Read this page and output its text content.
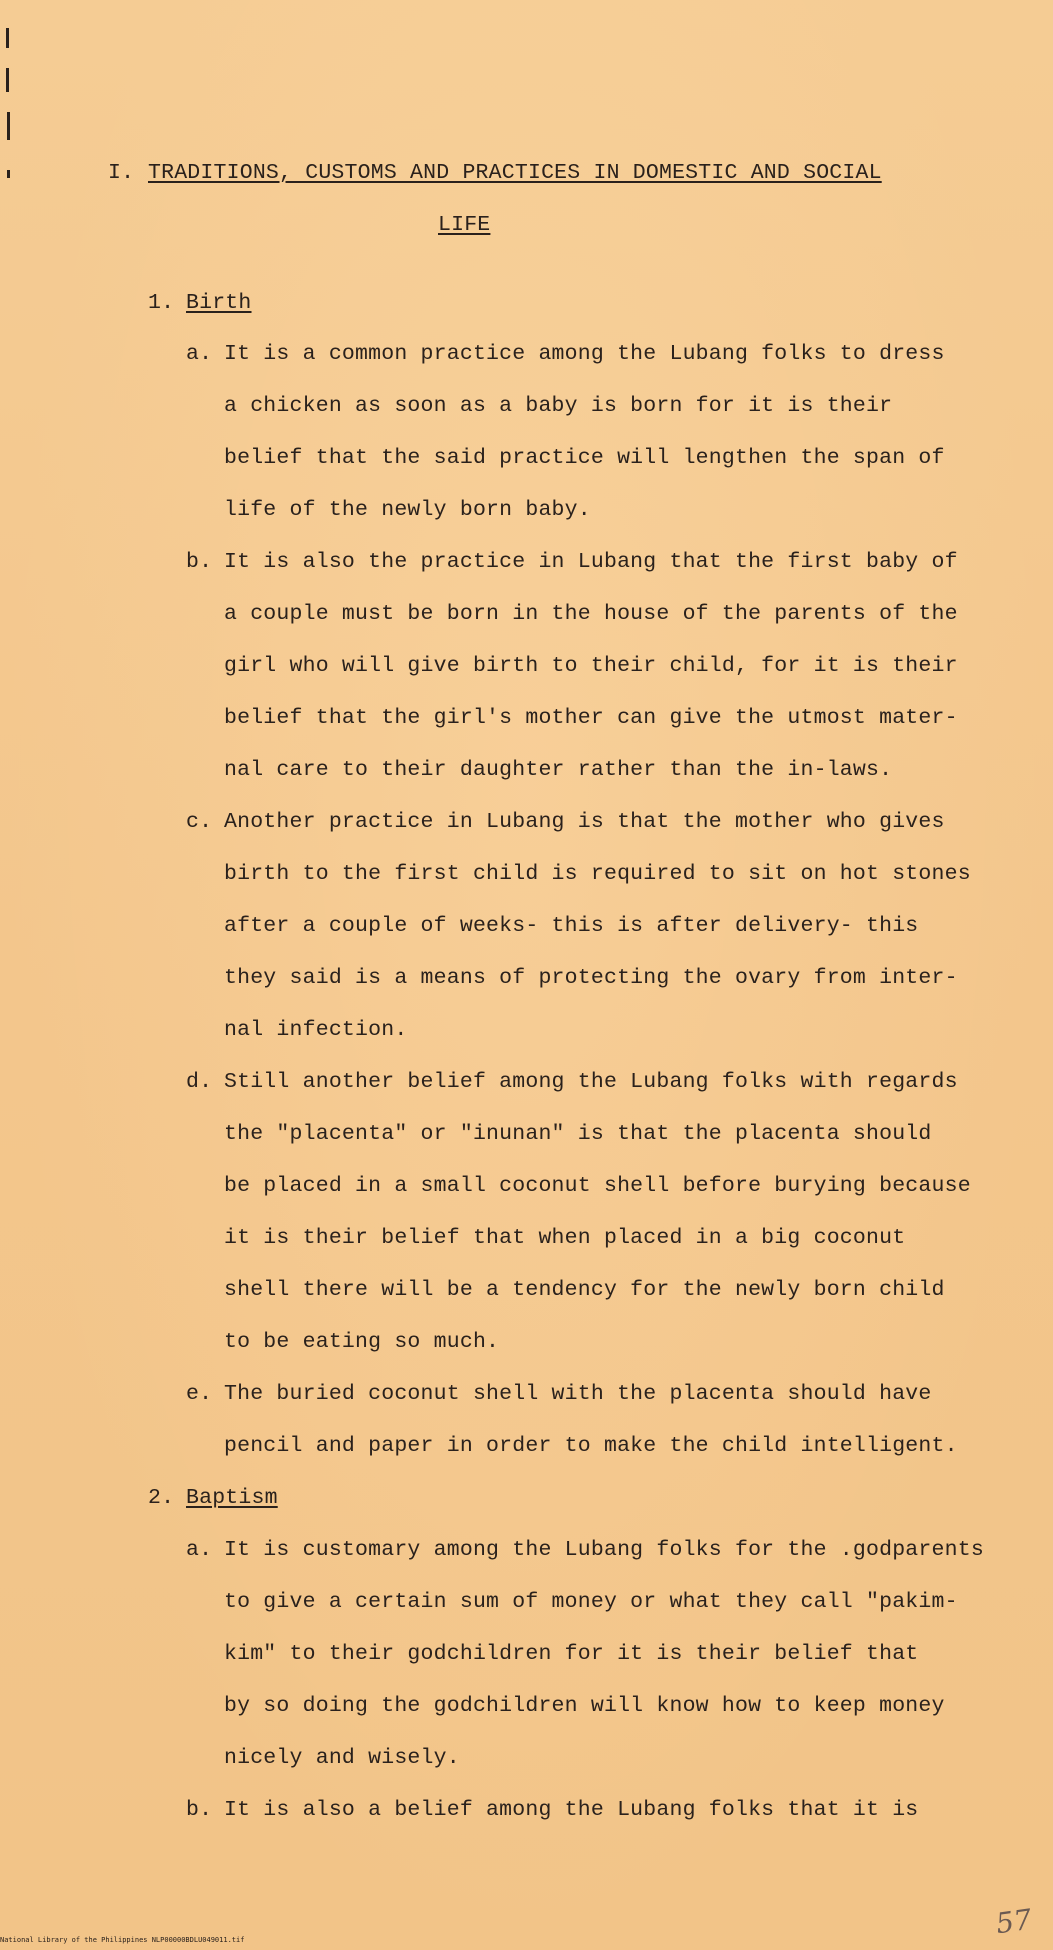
I. TRADITIONS, CUSTOMS AND PRACTICES IN DOMESTIC AND SOCIAL
LIFE
1. Birth
a. It is a common practice among the Lubang folks to dress
a chicken as soon as a baby is born for it is their
belief that the said practice will lengthen the span of
life of the newly born baby.
b. It is also the practice in Lubang that the first baby of
a couple must be born in the house of the parents of the
girl who will give birth to their child, for it is their
belief that the girl's mother can give the utmost mater-
nal care to their daughter rather than the in-laws.
c. Another practice in Lubang is that the mother who gives
birth to the first child is required to sit on hot stones
after a couple of weeks- this is after delivery- this
they said is a means of protecting the ovary from inter-
nal infection.
d. Still another belief among the Lubang folks with regards
the "placenta" or "inunan" is that the placenta should
be placed in a small coconut shell before burying because
it is their belief that when placed in a big coconut
shell there will be a tendency for the newly born child
to be eating so much.
e. The buried coconut shell with the placenta should have
pencil and paper in order to make the child intelligent.
2. Baptism
a. It is customary among the Lubang folks for the .godparents
to give a certain sum of money or what they call "pakim-
kim" to their godchildren for it is their belief that
by so doing the godchildren will know how to keep money
nicely and wisely.
b. It is also a belief among the Lubang folks that it is
57
National Library of the Philippines NLP00000BDLU049011.tif
